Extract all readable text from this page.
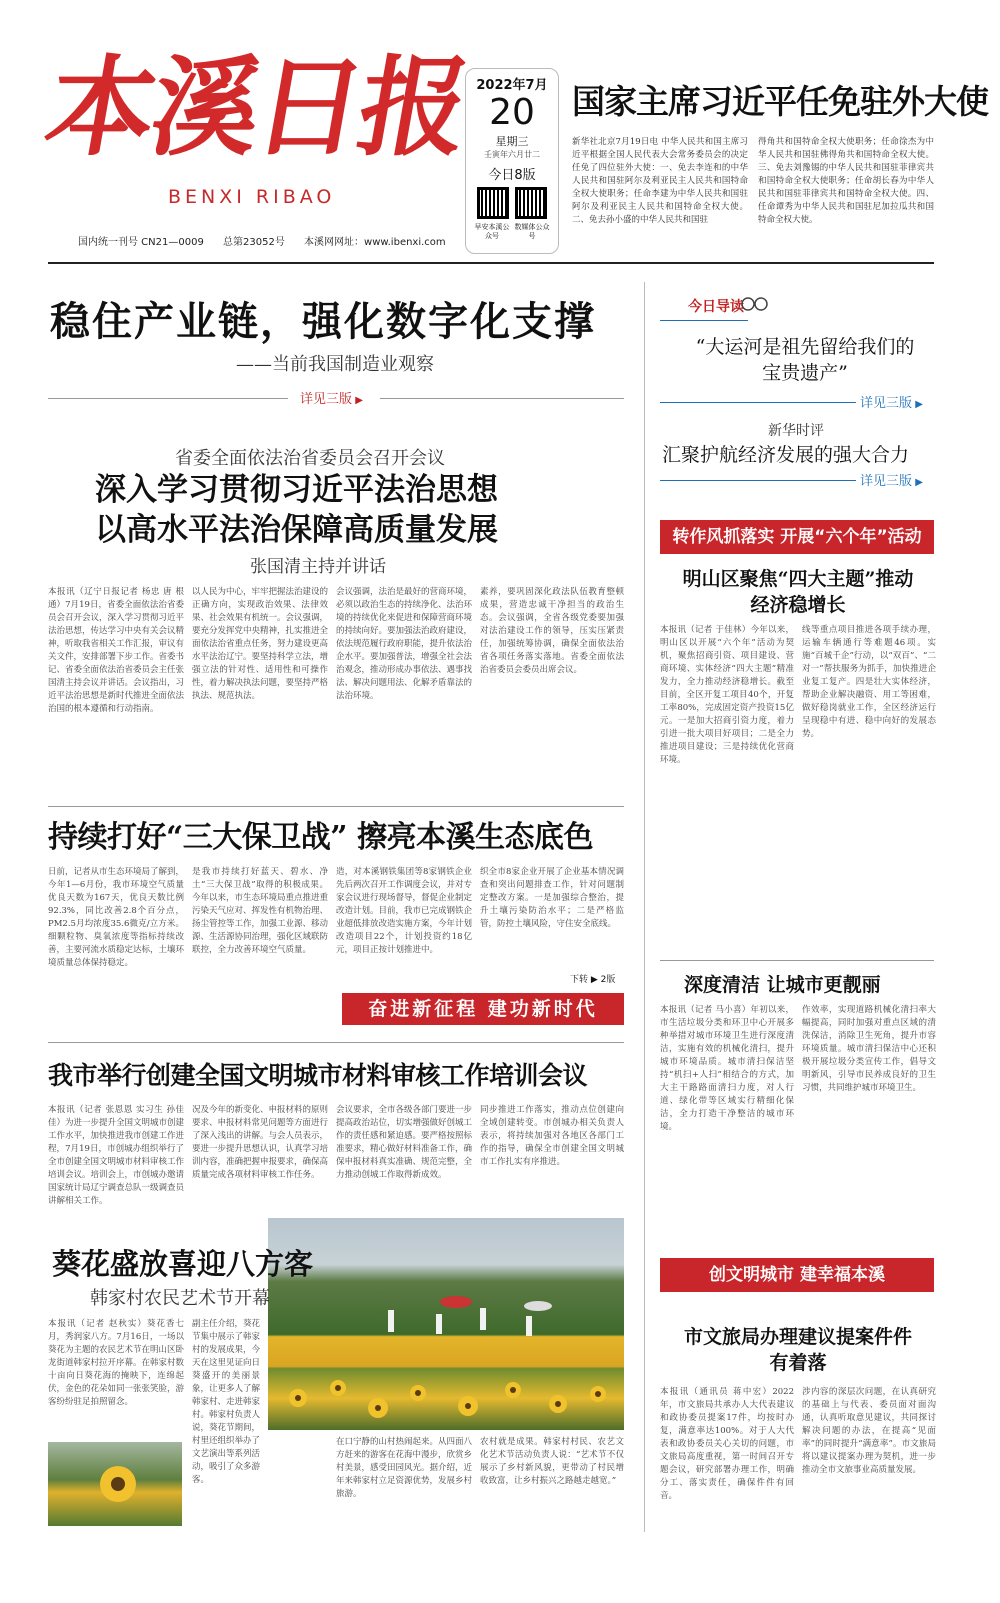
本溪日报
BENXI RIBAO
国内统一刊号 CN21—0009 总第23052号 本溪网网址：www.ibenxi.com
2022年7月
20
星期三
壬寅年六月廿二
今日8版
早安本溪公众号数媒体公众号
国家主席习近平任免驻外大使
新华社北京7月19日电 中华人民共和国主席习近平根据全国人民代表大会常务委员会的决定任免了四位驻外大使：一、免去李连和的中华人民共和国驻阿尔及利亚民主人民共和国特命全权大使职务；任命李建为中华人民共和国驻阿尔及利亚民主人民共和国特命全权大使。二、免去孙小盛的中华人民共和国驻
得角共和国特命全权大使职务；任命徐杰为中华人民共和国驻佛得角共和国特命全权大使。三、免去刘豫锡的中华人民共和国驻菲律宾共和国特命全权大使职务；任命胡长春为中华人民共和国驻菲律宾共和国特命全权大使。四、任命谭秀为中华人民共和国驻尼加拉瓜共和国特命全权大使。
稳住产业链，强化数字化支撑
——当前我国制造业观察
详见三版 ▶
今日导读
“大运河是祖先留给我们的宝贵遗产”
详见三版 ▶
新华时评
汇聚护航经济发展的强大合力
详见三版 ▶
省委全面依法治省委员会召开会议
深入学习贯彻习近平法治思想
以高水平法治保障高质量发展
张国清主持并讲话
本报讯（辽宁日报记者 杨忠 唐 根通）7月19日，省委全面依法治省委员会召开会议，深入学习贯彻习近平法治思想，传达学习中央有关会议精神，听取我省相关工作汇报，审议有关文件，安排部署下步工作。省委书记、省委全面依法治省委员会主任张国清主持会议并讲话。会议指出，习近平法治思想是新时代推进全面依法治国的根本遵循和行动指南。
以人民为中心，牢牢把握法治建设的正确方向，实现政治效果、法律效果、社会效果有机统一。会议强调，要充分发挥党中央精神，扎实推进全面依法治省重点任务，努力建设更高水平法治辽宁。要坚持科学立法，增强立法的针对性、适用性和可操作性，着力解决执法问题，要坚持严格执法、规范执法。
会议强调，法治是最好的营商环境，必须以政治生态的持续净化、法治环境的持续优化来促进和保障营商环境的持续向好。要加强法治政府建设，依法规范履行政府职能，提升依法治企水平。要加强普法，增强全社会法治观念，推动形成办事依法、遇事找法、解决问题用法、化解矛盾靠法的法治环境。
素养，要巩固深化政法队伍教育整顿成果，营造忠诚干净担当的政治生态。会议强调，全省各级党委要加强对法治建设工作的领导，压实压紧责任，加强统筹协调，确保全面依法治省各项任务落实落地。省委全面依法治省委员会委员出席会议。
持续打好“三大保卫战” 擦亮本溪生态底色
日前，记者从市生态环境局了解到，今年1—6月份，我市环境空气质量优良天数为167天，优良天数比例92.3%，同比改善2.8个百分点，PM2.5月均浓度35.6微克/立方米。细颗粒物、臭氧浓度等指标持续改善，主要河流水质稳定达标，土壤环境质量总体保持稳定。
是我市持续打好蓝天、碧水、净土“三大保卫战”取得的积极成果。今年以来，市生态环境局重点推进重污染天气应对、挥发性有机物治理、扬尘管控等工作，加强工业源、移动源、生活源协同治理，强化区域联防联控，全力改善环境空气质量。
造，对本溪钢铁集团等8家钢铁企业先后两次召开工作调度会议，并对专家会议进行现场督导，督促企业制定改造计划。目前，我市已完成钢铁企业超低排放改造实施方案，今年计划改造项目22个，计划投资约18亿元，项目正按计划推进中。
织全市8家企业开展了企业基本情况调查和突出问题排查工作，针对问题制定整改方案。一是加强综合整治，提升土壤污染防治水平；二是严格监管，防控土壤风险，守住安全底线。
下转 ▶ 2版
奋进新征程 建功新时代
我市举行创建全国文明城市材料审核工作培训会议
本报讯（记者 张恩恩 实习生 孙佳佳）为进一步提升全国文明城市创建工作水平，加快推进我市创建工作进程，7月19日，市创城办组织举行了全市创建全国文明城市材料审核工作培训会议。培训会上，市创城办邀请国家统计局辽宁调查总队一级调查员讲解相关工作。
况及今年的新变化、申报材料的原则要求、申报材料常见问题等方面进行了深入浅出的讲解。与会人员表示，要进一步提升思想认识，认真学习培训内容，准确把握申报要求，确保高质量完成各项材料审核工作任务。
会议要求，全市各级各部门要进一步提高政治站位，切实增强做好创城工作的责任感和紧迫感。要严格按照标准要求，精心做好材料准备工作，确保申报材料真实准确、规范完整，全力推动创城工作取得新成效。
同步推进工作落实，推动点位创建向全域创建转变。市创城办相关负责人表示，将持续加强对各地区各部门工作的指导，确保全市创建全国文明城市工作扎实有序推进。
葵花盛放喜迎八方客
韩家村农民艺术节开幕
本报讯（记者 赵秋实）葵花香七月，秀润家八方。7月16日，一场以葵花为主题的农民艺术节在明山区卧龙街道韩家村拉开序幕。在韩家村数十亩向日葵花海的掩映下，连绵起伏，金色的花朵如同一张张笑脸，游客纷纷驻足拍照留念。
副主任介绍，葵花节集中展示了韩家村的发展成果，今天在这里见证向日葵盛开的美丽景象，让更多人了解韩家村、走进韩家村。韩家村负责人说，葵花节期间，村里还组织举办了文艺演出等系列活动，吸引了众多游客。
在口宁静的山村热闹起来。从四面八方赶来的游客在花海中漫步，欣赏乡村美景，感受田园风光。据介绍，近年来韩家村立足资源优势，发展乡村旅游。
农村就是成果。韩家村村民、农艺文化艺术节活动负责人说：“艺术节不仅展示了乡村新风貌，更带动了村民增收致富，让乡村振兴之路越走越宽。”
转作风抓落实 开展“六个年”活动
明山区聚焦“四大主题”推动经济稳增长
本报讯（记者 于佳林）今年以来，明山区以开展“六个年”活动为契机，聚焦招商引资、项目建设、营商环境、实体经济“四大主题”精准发力，全力推动经济稳增长。截至目前，全区开复工项目40个，开复工率80%，完成固定资产投资15亿元。一是加大招商引资力度，着力引进一批大项目好项目；二是全力推进项目建设；三是持续优化营商环境。
线等重点项目推进各项手续办理，运输车辆通行等难题46项。实施“百城千企”行动，以“双百”、“二对一”帮扶服务为抓手，加快推进企业复工复产。四是壮大实体经济，帮助企业解决融资、用工等困难，做好稳岗就业工作，全区经济运行呈现稳中有进、稳中向好的发展态势。
深度清洁 让城市更靓丽
本报讯（记者 马小喜）年初以来，市生活垃圾分类和环卫中心开展多种举措对城市环境卫生进行深度清洁，实施有效的机械化清扫，提升城市环境品质。城市清扫保洁坚持“机扫+人扫”相结合的方式，加大主干路路面清扫力度，对人行道、绿化带等区域实行精细化保洁，全力打造干净整洁的城市环境。
作效率，实现道路机械化清扫率大幅提高，同时加强对重点区域的清洗保洁，消除卫生死角，提升市容环境质量。城市清扫保洁中心还积极开展垃圾分类宣传工作，倡导文明新风，引导市民养成良好的卫生习惯，共同维护城市环境卫生。
创文明城市 建幸福本溪
市文旅局办理建议提案件件有着落
本报讯（通讯员 蒋中宏）2022年，市文旅局共承办人大代表建议和政协委员提案17件，均按时办复，满意率达100%。对于人大代表和政协委员关心关切的问题，市文旅局高度重视，第一时间召开专题会议，研究部署办理工作，明确分工、落实责任，确保件件有回音。
涉内容的深层次问题，在认真研究的基础上与代表、委员面对面沟通，认真听取意见建议，共同探讨解决问题的办法，在提高“见面率”的同时提升“满意率”。市文旅局将以建议提案办理为契机，进一步推动全市文旅事业高质量发展。
